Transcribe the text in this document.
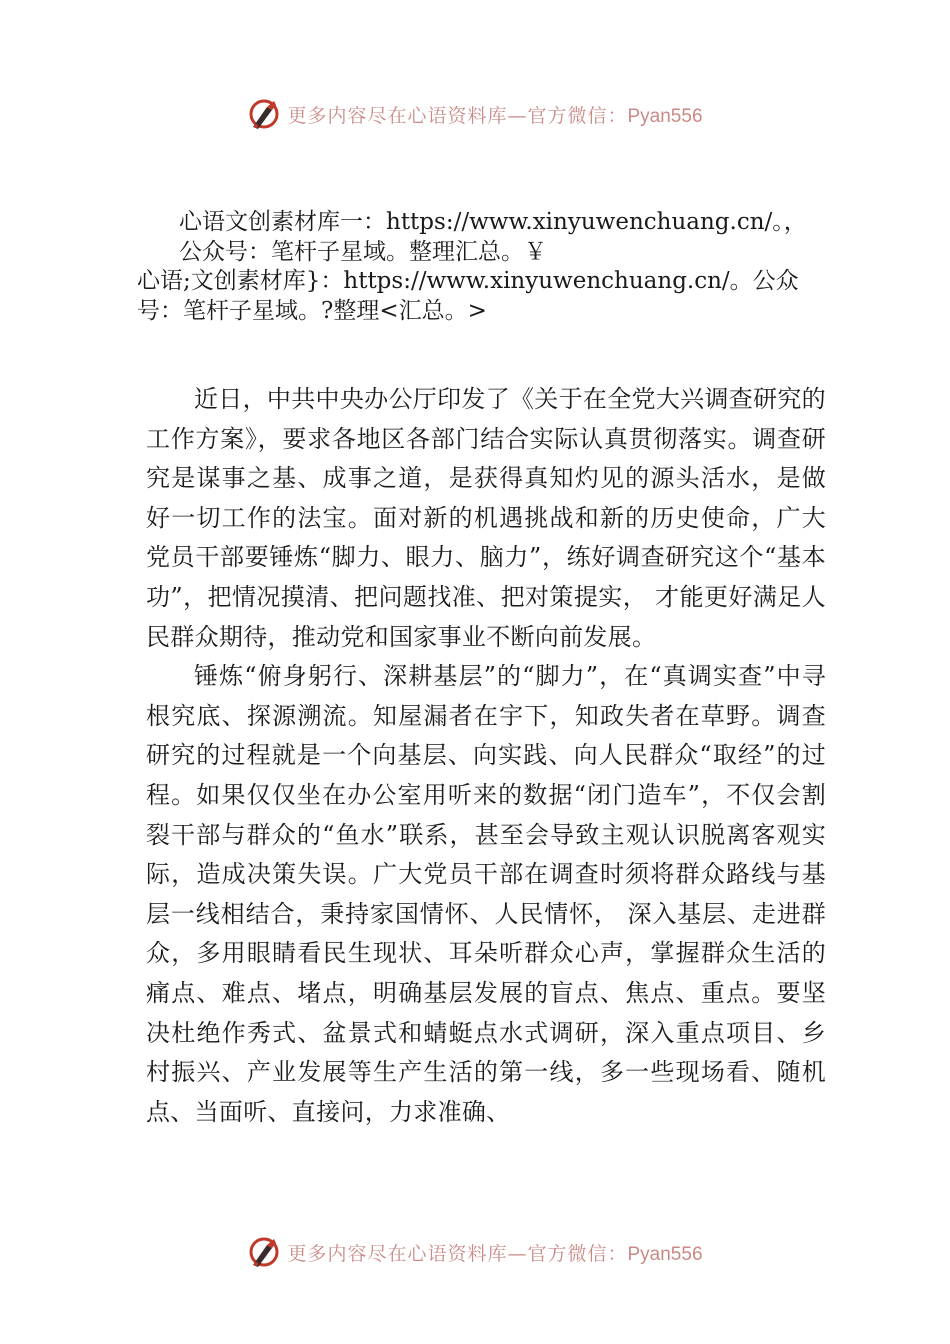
更多内容尽在心语资料库—官方微信：Pyan556
心语文创素材库一：https://www.xinyuwenchuang.cn/。，
公众号：笔杆子星域。整理汇总。￥
心语;文创素材库}：https://www.xinyuwenchuang.cn/。公众
号：笔杆子星域。?整理<汇总。>

近日，中共中央办公厅印发了《关于在全党大兴调查研究的工作方案》，要求各地区各部门结合实际认真贯彻落实。调查研究是谋事之基、成事之道，是获得真知灼见的源头活水，是做好一切工作的法宝。面对新的机遇挑战和新的历史使命，广大党员干部要锤炼“脚力、眼力、脑力”，练好调查研究这个“基本功”，把情况摸清、把问题找准、把对策提实， 才能更好满足人民群众期待，推动党和国家事业不断向前发展。

锤炼“俯身躬行、深耕基层”的“脚力”，在“真调实查”中寻根究底、探源溯流。知屋漏者在宇下，知政失者在草野。调查研究的过程就是一个向基层、向实践、向人民群众“取经”的过程。如果仅仅坐在办公室用听来的数据“闭门造车”，不仅会割裂干部与群众的“鱼水”联系，甚至会导致主观认识脱离客观实际，造成决策失误。广大党员干部在调查时须将群众路线与基层一线相结合，秉持家国情怀、人民情怀， 深入基层、走进群众，多用眼睛看民生现状、耳朵听群众心声，掌握群众生活的痛点、难点、堵点，明确基层发展的盲点、焦点、重点。要坚决杜绝作秀式、盆景式和蜻蜓点水式调研，深入重点项目、乡村振兴、产业发展等生产生活的第一线，多一些现场看、随机点、当面听、直接问，力求准确、

更多内容尽在心语资料库—官方微信：Pyan556
